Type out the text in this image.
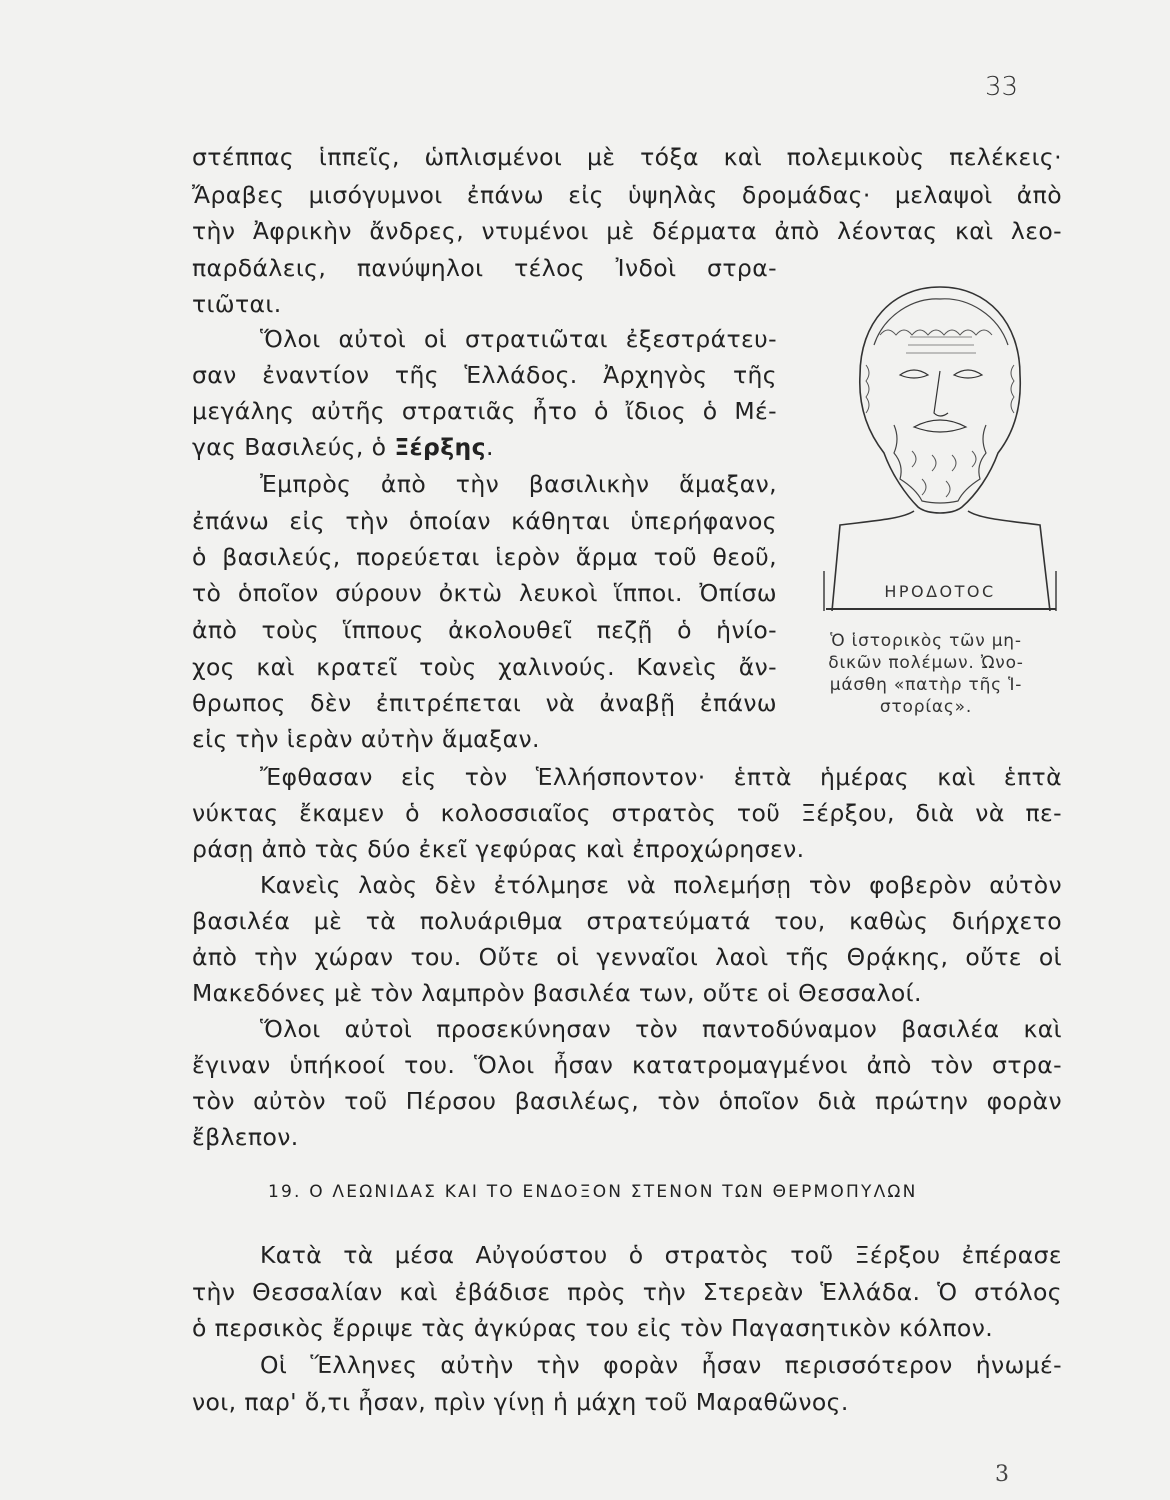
33
στέππας ἱππεῖς, ὡπλισμένοι μὲ τόξα καὶ πολεμικοὺς πελέκεις·
Ἄραβες μισόγυμνοι ἐπάνω εἰς ὑψηλὰς δρομάδας· μελαψοὶ ἀπὸ
τὴν Ἀφρικὴν ἄνδρες, ντυμένοι μὲ δέρματα ἀπὸ λέοντας καὶ λεο-
παρδάλεις, πανύψηλοι τέλος Ἰνδοὶ στρα-
τιῶται.
Ὅλοι αὐτοὶ οἱ στρατιῶται ἐξεστράτευ-
σαν ἐναντίον τῆς Ἑλλάδος. Ἀρχηγὸς τῆς
μεγάλης αὐτῆς στρατιᾶς ἦτο ὁ ἴδιος ὁ Μέ-
γας Βασιλεύς, ὁ Ξέρξης.
Ἐμπρὸς ἀπὸ τὴν βασιλικὴν ἅμαξαν,
ἐπάνω εἰς τὴν ὁποίαν κάθηται ὑπερήφανος
ὁ βασιλεύς, πορεύεται ἱερὸν ἅρμα τοῦ θεοῦ,
τὸ ὁποῖον σύρουν ὀκτὼ λευκοὶ ἵπποι. Ὀπίσω
ἀπὸ τοὺς ἵππους ἀκολουθεῖ πεζῇ ὁ ἡνίο-
χος καὶ κρατεῖ τοὺς χαλινούς. Κανεὶς ἄν-
θρωπος δὲν ἐπιτρέπεται νὰ ἀναβῇ ἐπάνω
εἰς τὴν ἱερὰν αὐτὴν ἅμαξαν.
ΗΡΟΔΟΤΟϹ
Ὁ ἱστορικὸς τῶν μη-
δικῶν πολέμων. Ὠνο-
μάσθη «πατὴρ τῆς Ἱ-
στορίας».
Ἔφθασαν εἰς τὸν Ἑλλήσποντον· ἑπτὰ ἡμέρας καὶ ἑπτὰ
νύκτας ἔκαμεν ὁ κολοσσιαῖος στρατὸς τοῦ Ξέρξου, διὰ νὰ πε-
ράσῃ ἀπὸ τὰς δύο ἐκεῖ γεφύρας καὶ ἐπροχώρησεν.
Κανεὶς λαὸς δὲν ἐτόλμησε νὰ πολεμήσῃ τὸν φοβερὸν αὐτὸν
βασιλέα μὲ τὰ πολυάριθμα στρατεύματά του, καθὼς διήρχετο
ἀπὸ τὴν χώραν του. Οὔτε οἱ γενναῖοι λαοὶ τῆς Θρᾴκης, οὔτε οἱ
Μακεδόνες μὲ τὸν λαμπρὸν βασιλέα των, οὔτε οἱ Θεσσαλοί.
Ὅλοι αὐτοὶ προσεκύνησαν τὸν παντοδύναμον βασιλέα καὶ
ἔγιναν ὑπήκοοί του. Ὅλοι ἦσαν κατατρομαγμένοι ἀπὸ τὸν στρα-
τὸν αὐτὸν τοῦ Πέρσου βασιλέως, τὸν ὁποῖον διὰ πρώτην φορὰν
ἔβλεπον.
19. Ο ΛΕΩΝΙΔΑΣ ΚΑΙ ΤΟ ΕΝΔΟΞΟΝ ΣΤΕΝΟΝ ΤΩΝ ΘΕΡΜΟΠΥΛΩΝ
Κατὰ τὰ μέσα Αὐγούστου ὁ στρατὸς τοῦ Ξέρξου ἐπέρασε
τὴν Θεσσαλίαν καὶ ἐβάδισε πρὸς τὴν Στερεὰν Ἑλλάδα. Ὁ στόλος
ὁ περσικὸς ἔρριψε τὰς ἀγκύρας του εἰς τὸν Παγασητικὸν κόλπον.
Οἱ Ἕλληνες αὐτὴν τὴν φορὰν ἦσαν περισσότερον ἡνωμέ-
νοι, παρ' ὅ,τι ἦσαν, πρὶν γίνῃ ἡ μάχη τοῦ Μαραθῶνος.
3
